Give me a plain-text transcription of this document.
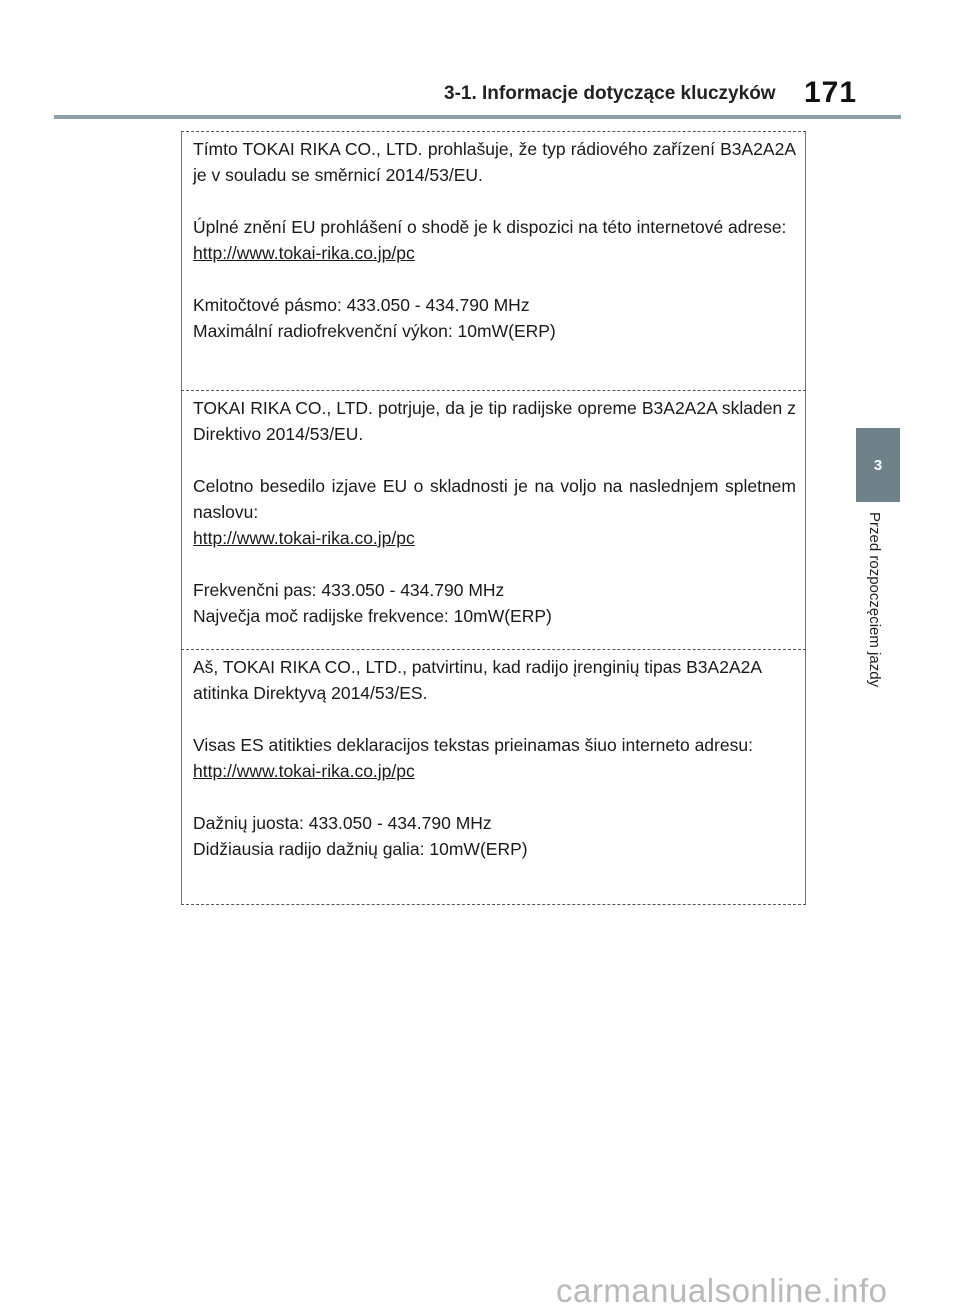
3-1. Informacje dotyczące kluczyków 171
3
Przed rozpoczęciem jazdy

Tímto TOKAI RIKA CO., LTD. prohlašuje, že typ rádiového zařízení B3A2A2A je v souladu se směrnicí 2014/53/EU.

Úplné znění EU prohlášení o shodě je k dispozici na této internetové adrese:

http://www.tokai-rika.co.jp/pc

Kmitočtové pásmo: 433.050 - 434.790 MHz

Maximální radiofrekvenční výkon: 10mW(ERP)

TOKAI RIKA CO., LTD. potrjuje, da je tip radijske opreme B3A2A2A skladen z Direktivo 2014/53/EU.

Celotno besedilo izjave EU o skladnosti je na voljo na naslednjem spletnem naslovu:

http://www.tokai-rika.co.jp/pc

Frekvenčni pas: 433.050 - 434.790 MHz

Največja moč radijske frekvence: 10mW(ERP)

Aš, TOKAI RIKA CO., LTD., patvirtinu, kad radijo įrenginių tipas B3A2A2A atitinka Direktyvą 2014/53/ES.

Visas ES atitikties deklaracijos tekstas prieinamas šiuo interneto adresu:

http://www.tokai-rika.co.jp/pc

Dažnių juosta: 433.050 - 434.790 MHz

Didžiausia radijo dažnių galia: 10mW(ERP)

carmanualsonline.info
